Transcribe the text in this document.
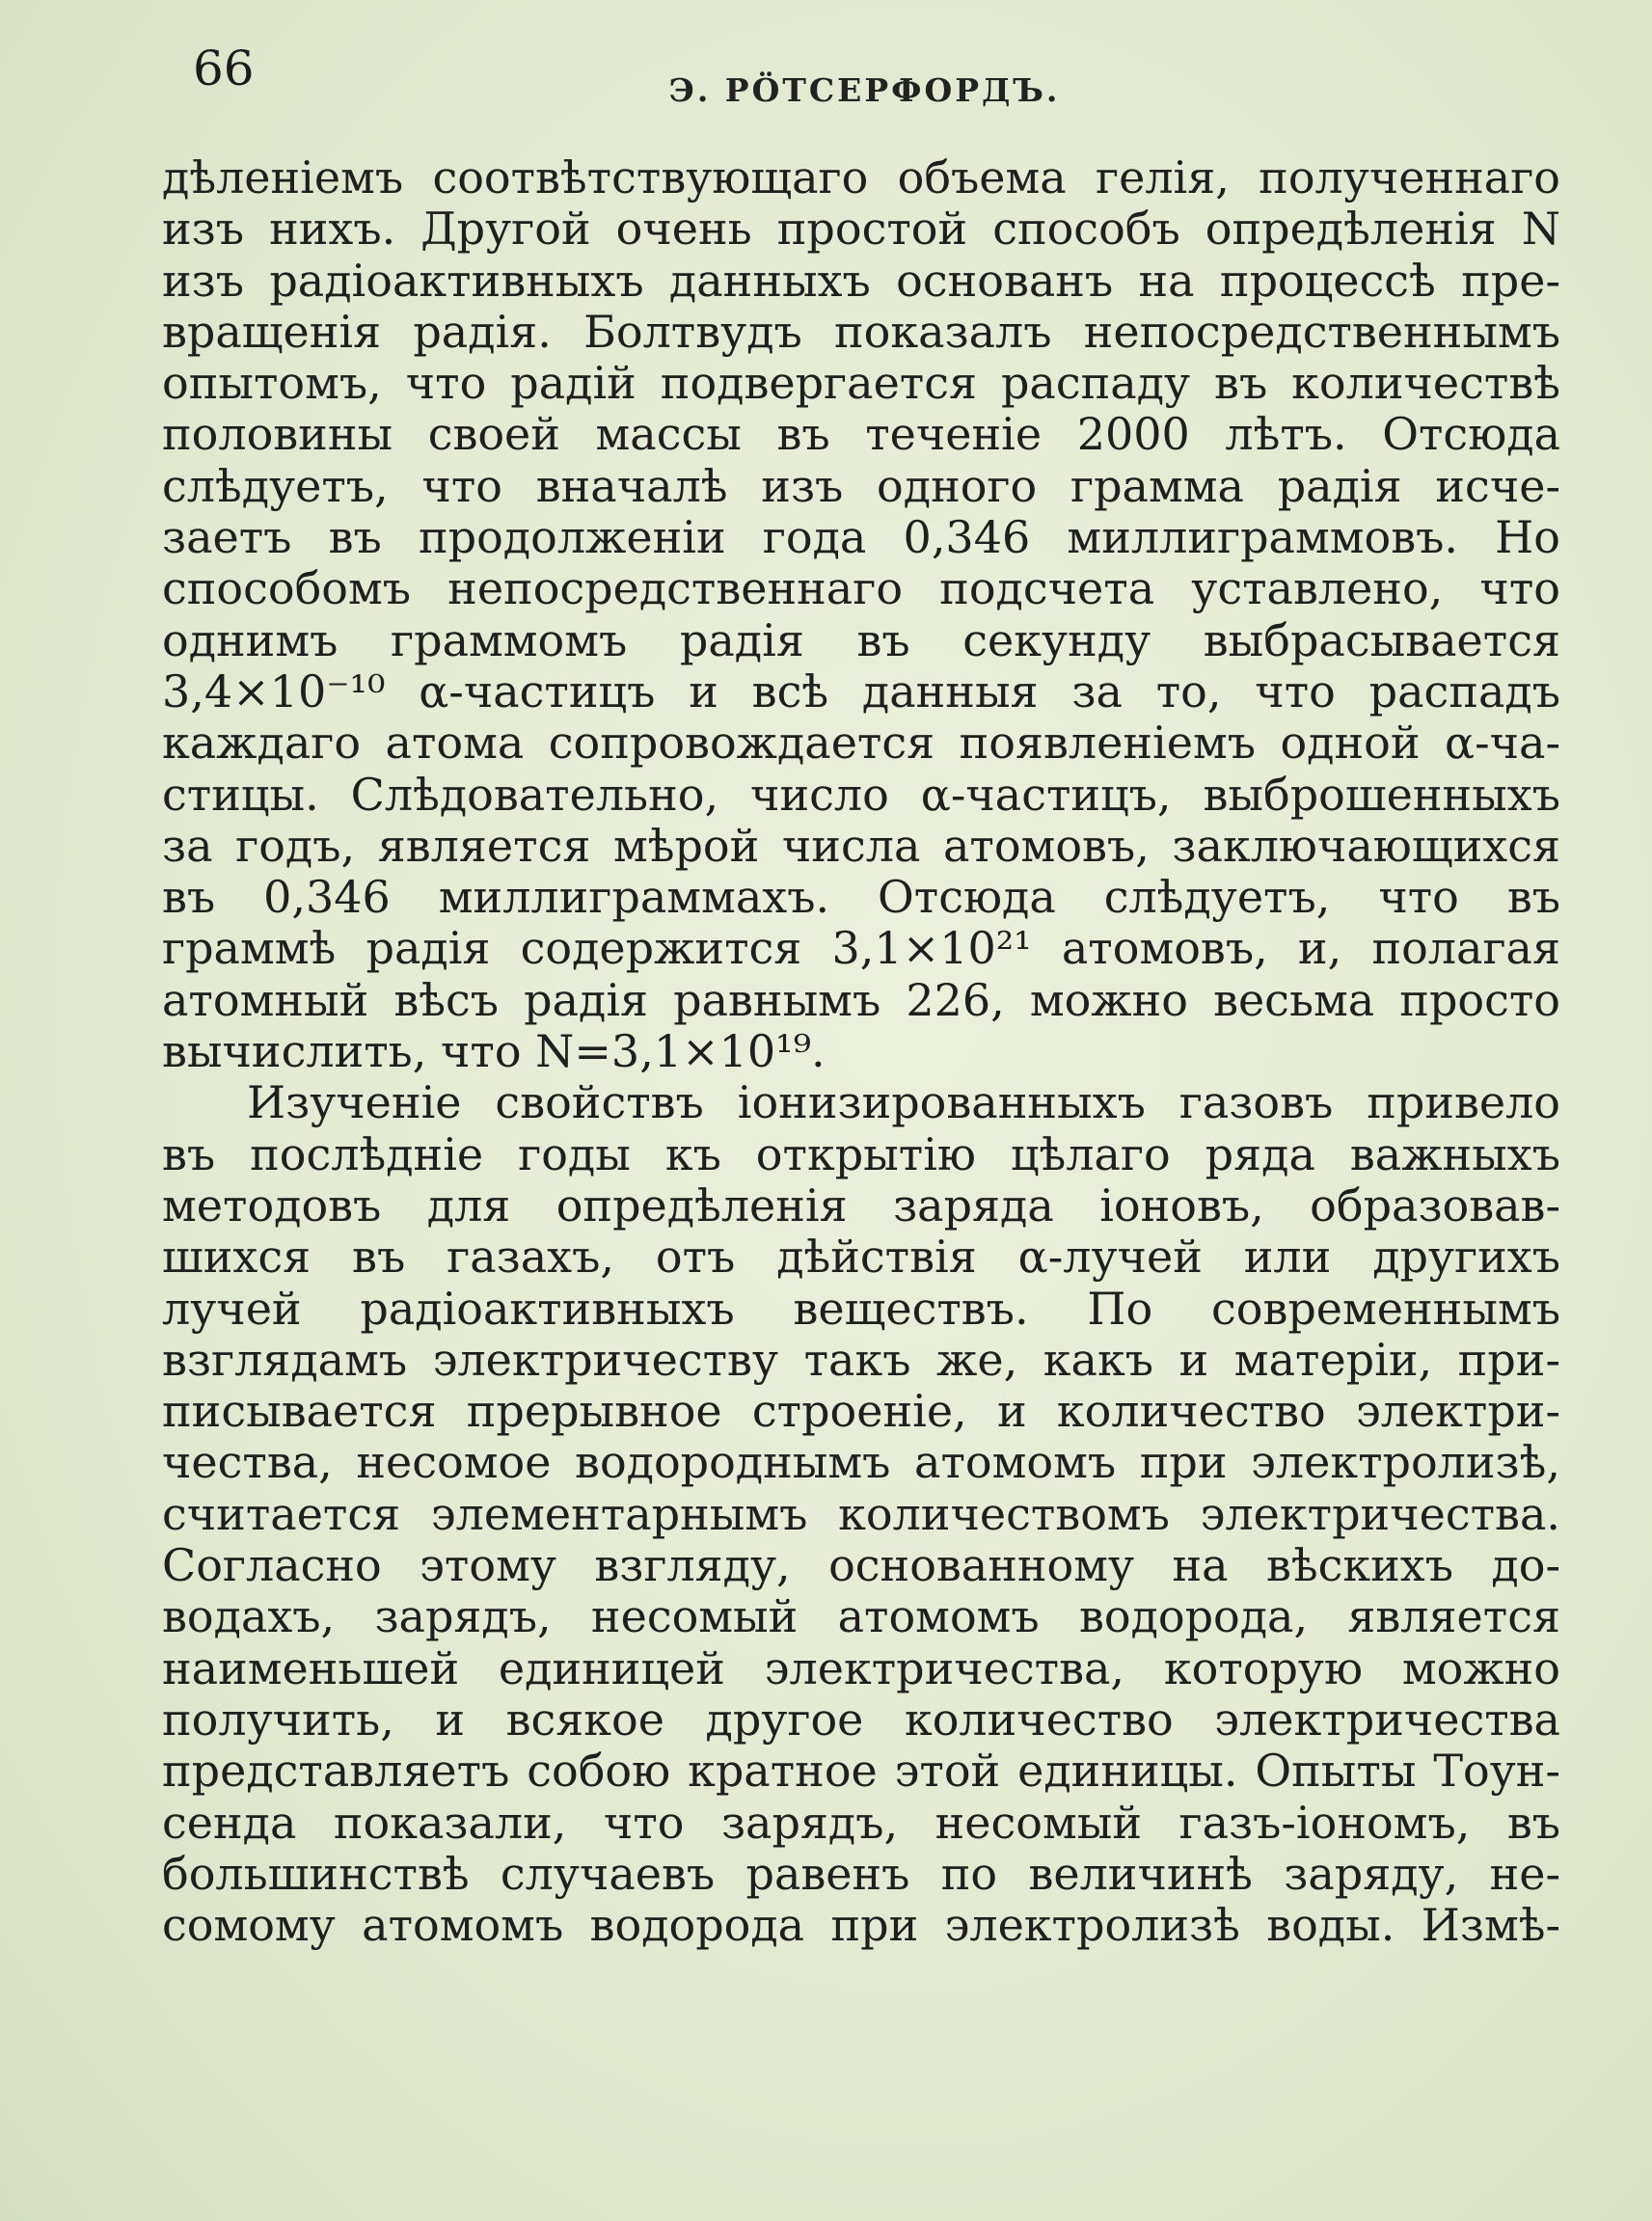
66	Э. РÖТСЕРФОРДЪ.
дѣленіемъ соотвѣтствующаго объема гелія, полученнаго
изъ нихъ. Другой очень простой способъ опредѣленія N
изъ радіоактивныхъ данныхъ основанъ на процессѣ пре-
вращенія радія. Болтвудъ показалъ непосредственнымъ
опытомъ, что радій подвергается распаду въ количествѣ
половины своей массы въ теченіе 2000 лѣтъ. Отсюда
слѣдуетъ, что вначалѣ изъ одного грамма радія исче-
заетъ въ продолженіи года 0,346 миллиграммовъ. Но
способомъ непосредственнаго подсчета уставлено, что
однимъ граммомъ радія въ секунду выбрасывается
3,4×10⁻¹⁰ α-частицъ и всѣ данныя за то, что распадъ
каждаго атома сопровождается появленіемъ одной α-ча-
стицы. Слѣдовательно, число α-частицъ, выброшенныхъ
за годъ, является мѣрой числа атомовъ, заключающихся
въ 0,346 миллиграммахъ. Отсюда слѣдуетъ, что въ
граммѣ радія содержится 3,1×10²¹ атомовъ, и, полагая
атомный вѣсъ радія равнымъ 226, можно весьма просто
вычислить, что N=3,1×10¹⁹.
Изученіе свойствъ іонизированныхъ газовъ привело
въ послѣдніе годы къ открытію цѣлаго ряда важныхъ
методовъ для опредѣленія заряда іоновъ, образовав-
шихся въ газахъ, отъ дѣйствія α-лучей или другихъ
лучей радіоактивныхъ веществъ. По современнымъ
взглядамъ электричеству такъ же, какъ и матеріи, при-
писывается прерывное строеніе, и количество электри-
чества, несомое водороднымъ атомомъ при электролизѣ,
считается элементарнымъ количествомъ электричества.
Согласно этому взгляду, основанному на вѣскихъ до-
водахъ, зарядъ, несомый атомомъ водорода, является
наименьшей единицей электричества, которую можно
получить, и всякое другое количество электричества
представляетъ собою кратное этой единицы. Опыты Тоун-
сенда показали, что зарядъ, несомый газъ-іономъ, въ
большинствѣ случаевъ равенъ по величинѣ заряду, не-
сомому атомомъ водорода при электролизѣ воды. Измѣ-
